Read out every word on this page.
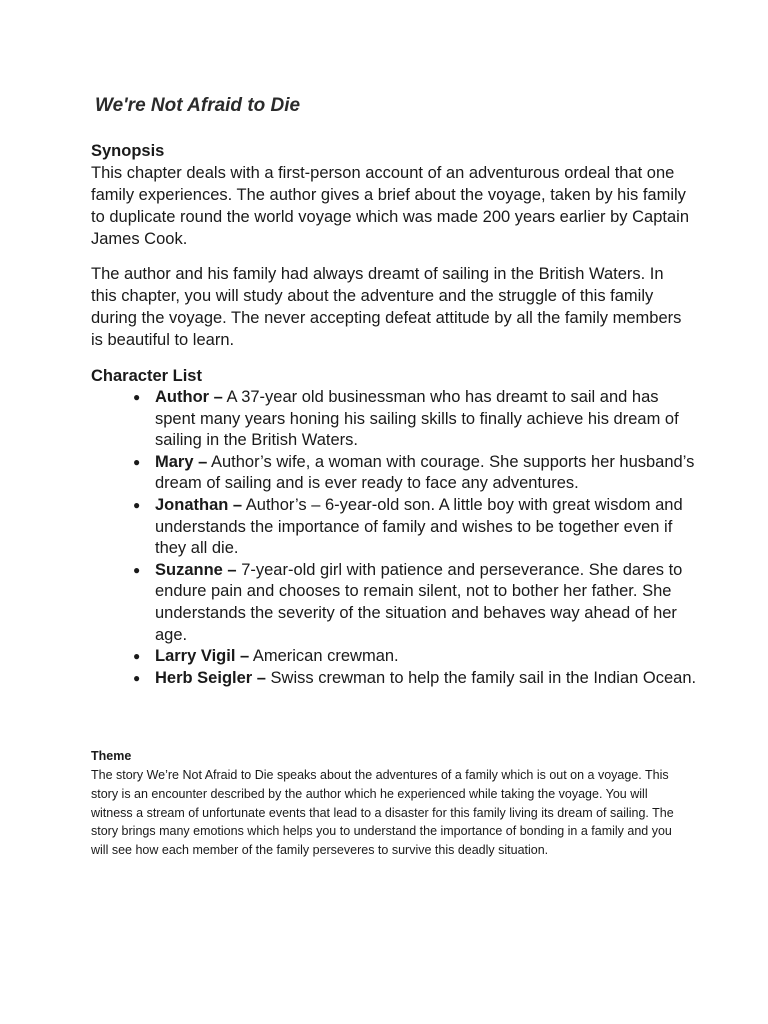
We're Not Afraid to Die
Synopsis

This chapter deals with a first-person account of an adventurous ordeal that one family experiences. The author gives a brief about the voyage, taken by his family to duplicate round the world voyage which was made 200 years earlier by Captain James Cook.

The author and his family had always dreamt of sailing in the British Waters. In this chapter, you will study about the adventure and the struggle of this family during the voyage. The never accepting defeat attitude by all the family members is beautiful to learn.

Character List
● Author – A 37-year old businessman who has dreamt to sail and has spent many years honing his sailing skills to finally achieve his dream of sailing in the British Waters.
● Mary – Author’s wife, a woman with courage. She supports her husband’s dream of sailing and is ever ready to face any adventures.
● Jonathan – Author’s – 6-year-old son. A little boy with great wisdom and understands the importance of family and wishes to be together even if they all die.
● Suzanne – 7-year-old girl with patience and perseverance. She dares to endure pain and chooses to remain silent, not to bother her father. She understands the severity of the situation and behaves way ahead of her age.
● Larry Vigil – American crewman.
● Herb Seigler – Swiss crewman to help the family sail in the Indian Ocean.
Theme

The story We’re Not Afraid to Die speaks about the adventures of a family which is out on a voyage. This story is an encounter described by the author which he experienced while taking the voyage. You will witness a stream of unfortunate events that lead to a disaster for this family living its dream of sailing. The story brings many emotions which helps you to understand the importance of bonding in a family and you will see how each member of the family perseveres to survive this deadly situation.
